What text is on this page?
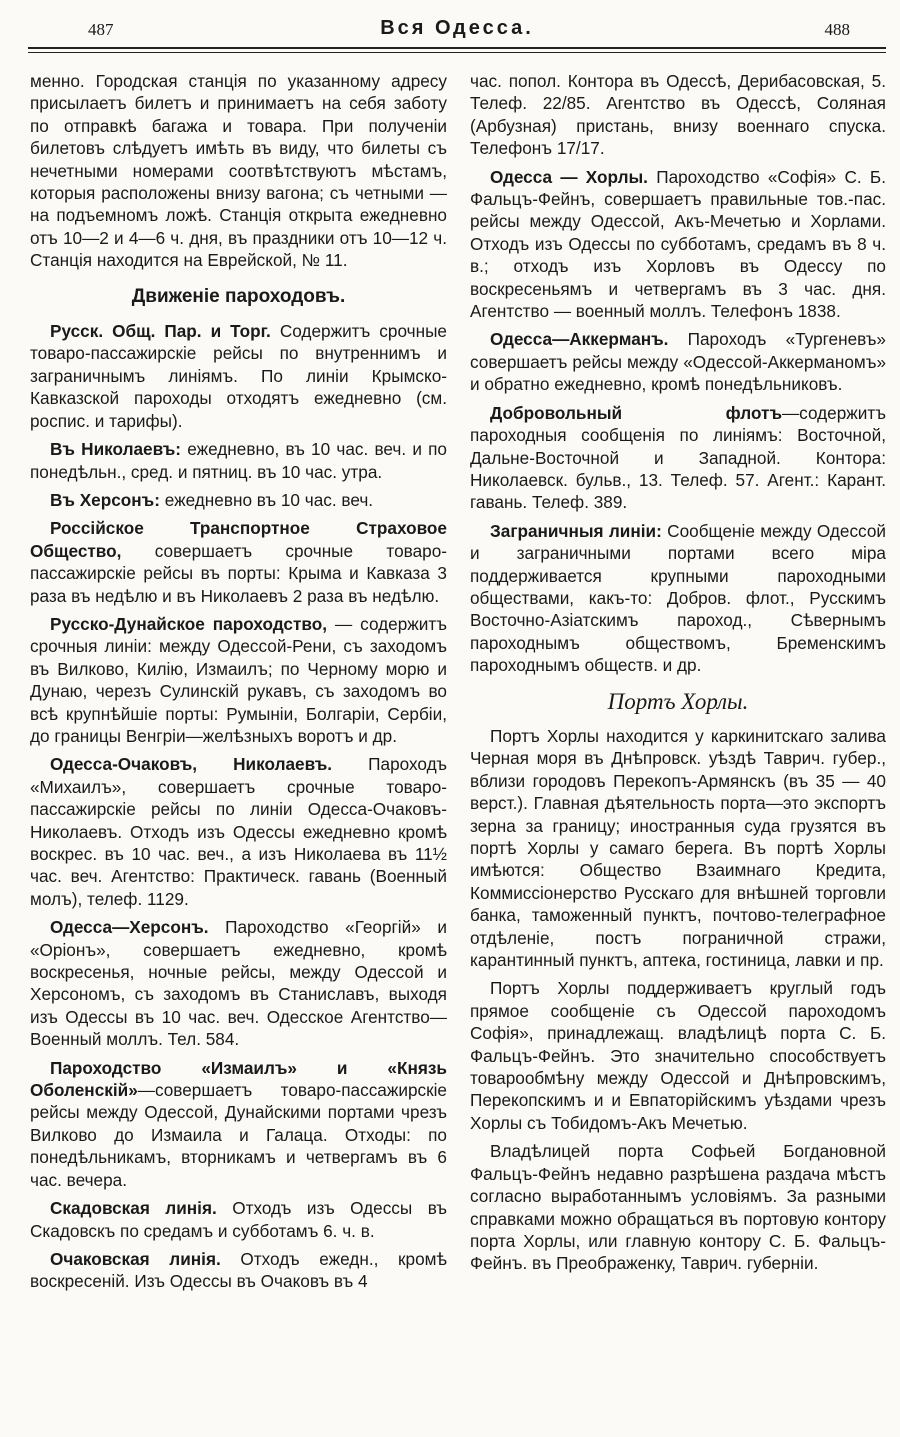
487	Вся Одесса.	488

менно. Городская станція по указанному адресу присылаетъ билетъ и принимаетъ на себя заботу по отправкѣ багажа и товара. При полученіи билетовъ слѣдуетъ имѣть въ виду, что билеты съ нечетными номерами соотвѣтствуютъ мѣстамъ, которыя расположены внизу вагона; съ четными — на подъемномъ ложѣ. Станція открыта ежедневно отъ 10—2 и 4—6 ч. дня, въ праздники отъ 10—12 ч. Станція находится на Еврейской, № 11.

Движеніе пароходовъ.

Русск. Общ. Пар. и Торг. Содержитъ срочные товаро-пассажирскіе рейсы по внутреннимъ и заграничнымъ линіямъ. По линіи Крымско-Кавказской пароходы отходятъ ежедневно (см. роспис. и тарифы).

Въ Николаевъ: ежедневно, въ 10 час. веч. и по понедѣльн., сред. и пятниц. въ 10 час. утра.

Въ Херсонъ: ежедневно въ 10 час. веч.

Россійское Транспортное Страховое Общество, совершаетъ срочные товаро-пассажирскіе рейсы въ порты: Крыма и Кавказа 3 раза въ недѣлю и въ Николаевъ 2 раза въ недѣлю.

Русско-Дунайское пароходство, — содержитъ срочныя линіи: между Одессой-Рени, съ заходомъ въ Вилково, Килію, Измаилъ; по Черному морю и Дунаю, черезъ Сулинскій рукавъ, съ заходомъ во всѣ крупнѣйшіе порты: Румыніи, Болгаріи, Сербіи, до границы Венгріи—желѣзныхъ воротъ и др.

Одесса-Очаковъ, Николаевъ. Пароходъ «Михаилъ», совершаетъ срочные товаро-пассажирскіе рейсы по линіи Одесса-Очаковъ-Николаевъ. Отходъ изъ Одессы ежедневно кромѣ воскрес. въ 10 час. веч., а изъ Николаева въ 11½ час. веч. Агентство: Практическ. гавань (Военный молъ), телеф. 1129.

Одесса—Херсонъ. Пароходство «Георгій» и «Оріонъ», совершаетъ ежедневно, кромѣ воскресенья, ночные рейсы, между Одессой и Херсономъ, съ заходомъ въ Станиславъ, выходя изъ Одессы въ 10 час. веч. Одесское Агентство—Военный моллъ. Тел. 584.

Пароходство «Измаилъ» и «Князь Оболенскій»—совершаетъ товаро-пассажирскіе рейсы между Одессой, Дунайскими портами чрезъ Вилково до Измаила и Галаца. Отходы: по понедѣльникамъ, вторникамъ и четвергамъ въ 6 час. вечера.

Скадовская линія. Отходъ изъ Одессы въ Скадовскъ по средамъ и субботамъ 6. ч. в.

Очаковская линія. Отходъ ежедн., кромѣ воскресеній. Изъ Одессы въ Очаковъ въ 4

час. попол. Контора въ Одессѣ, Дерибасовская, 5. Телеф. 22/85. Агентство въ Одессѣ, Соляная (Арбузная) пристань, внизу военнаго спуска. Телефонъ 17/17.

Одесса — Хорлы. Пароходство «Софія» С. Б. Фальцъ-Фейнъ, совершаетъ правильные тов.-пас. рейсы между Одессой, Акъ-Мечетью и Хорлами. Отходъ изъ Одессы по субботамъ, средамъ въ 8 ч. в.; отходъ изъ Хорловъ въ Одессу по воскресеньямъ и четвергамъ въ 3 час. дня. Агентство — военный моллъ. Телефонъ 1838.

Одесса—Аккерманъ. Пароходъ «Тургеневъ» совершаетъ рейсы между «Одессой-Аккерманомъ» и обратно ежедневно, кромѣ понедѣльниковъ.

Добровольный флотъ—содержитъ пароходныя сообщенія по линіямъ: Восточной, Дальне-Восточной и Западной. Контора: Николаевск. бульв., 13. Телеф. 57. Агент.: Карант. гавань. Телеф. 389.

Заграничныя линіи: Сообщеніе между Одессой и заграничными портами всего міра поддерживается крупными пароходными обществами, какъ-то: Добров. флот., Русскимъ Восточно-Азіатскимъ пароход., Сѣвернымъ пароходнымъ обществомъ, Бременскимъ пароходнымъ обществ. и др.

Портъ Хорлы.

Портъ Хорлы находится у каркинитскаго залива Черная моря въ Днѣпровск. уѣздѣ Таврич. губер., вблизи городовъ Перекопъ-Армянскъ (въ 35 — 40 верст.). Главная дѣятельность порта—это экспортъ зерна за границу; иностранныя суда грузятся въ портѣ Хорлы у самаго берега. Въ портѣ Хорлы имѣются: Общество Взаимнаго Кредита, Коммиссіонерство Русскаго для внѣшней торговли банка, таможенный пунктъ, почтово-телеграфное отдѣленіе, постъ пограничной стражи, карантинный пунктъ, аптека, гостиница, лавки и пр.

Портъ Хорлы поддерживаетъ круглый годъ прямое сообщеніе съ Одессой пароходомъ Софія», принадлежащ. владѣлицѣ порта С. Б. Фальцъ-Фейнъ. Это значительно способствуетъ товарообмѣну между Одессой и Днѣпровскимъ, Перекопскимъ и и Евпаторійскимъ уѣздами чрезъ Хорлы съ Тобидомъ-Акъ Мечетью.

Владѣлицей порта Софьей Богдановной Фальцъ-Фейнъ недавно разрѣшена раздача мѣстъ согласно выработаннымъ условіямъ. За разными справками можно обращаться въ портовую контору порта Хорлы, или главную контору С. Б. Фальцъ-Фейнъ. въ Преображенку, Таврич. губерніи.
